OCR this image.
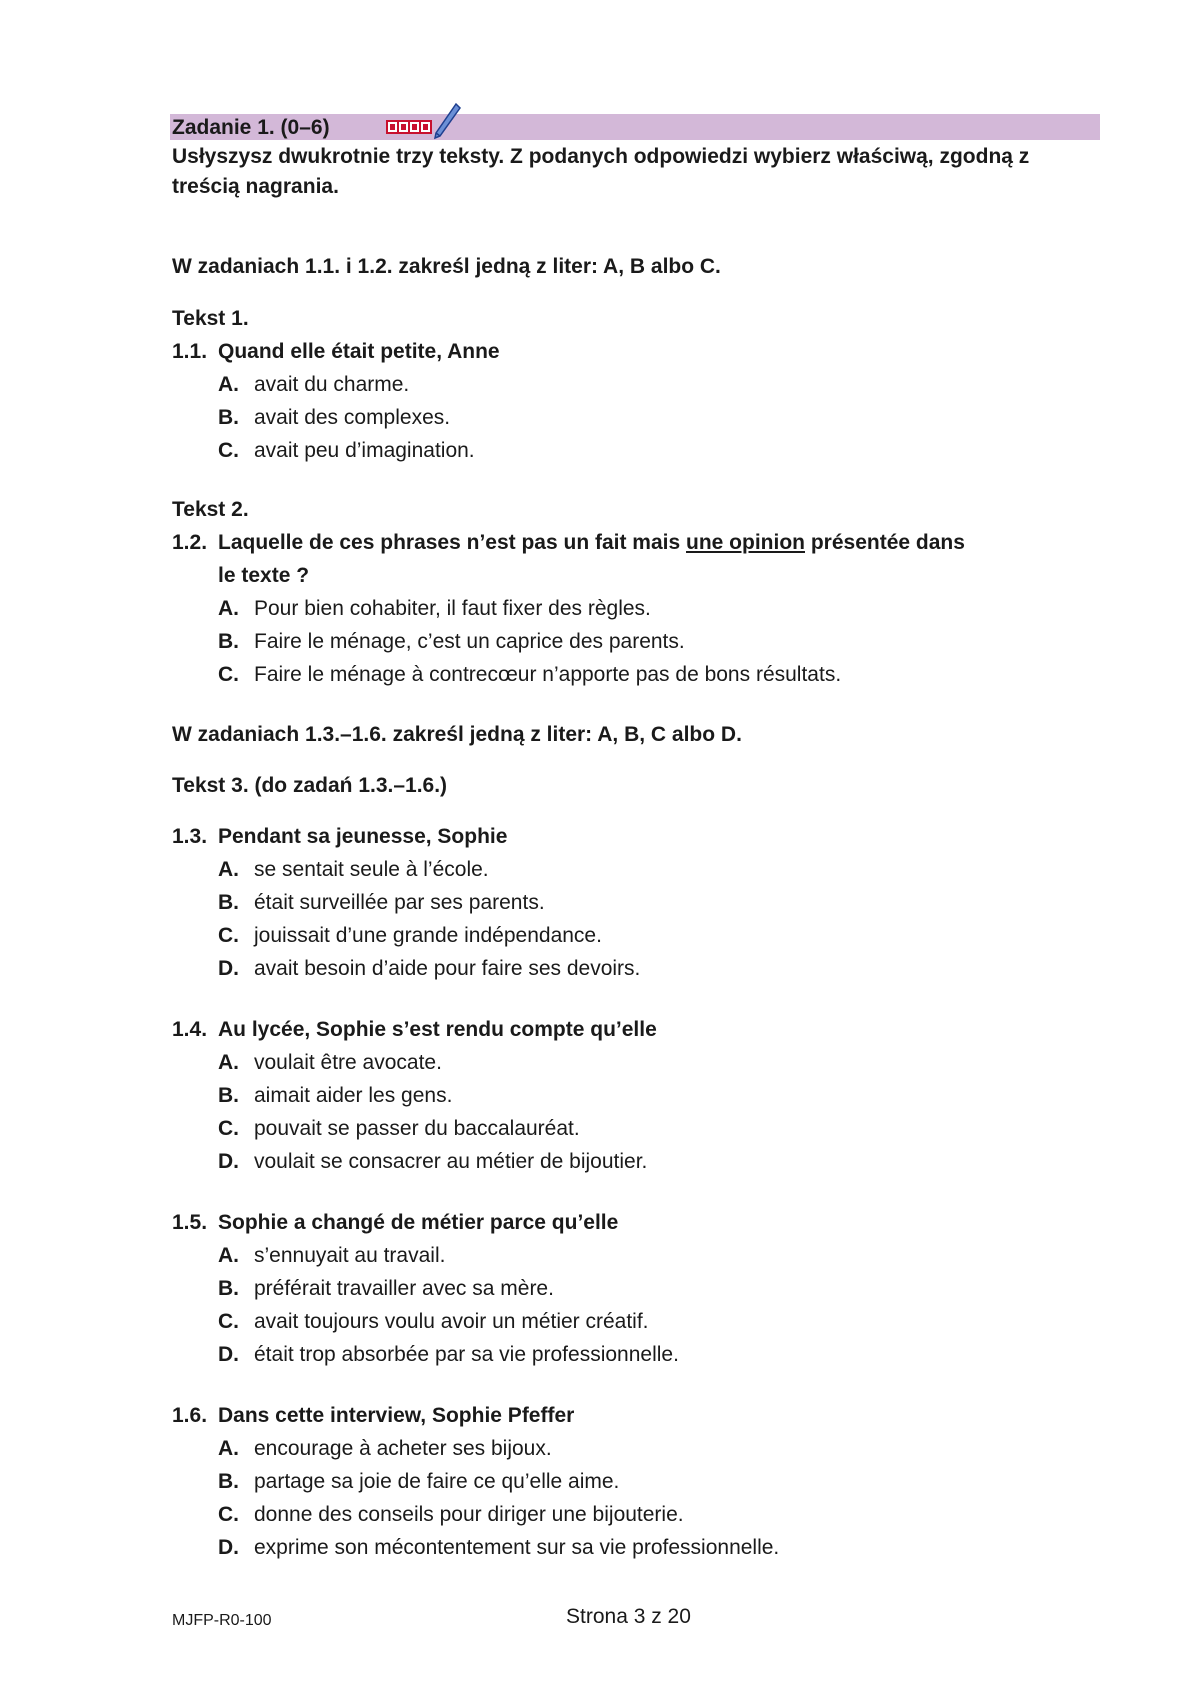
Zadanie 1. (0–6)
Usłyszysz dwukrotnie trzy teksty. Z podanych odpowiedzi wybierz właściwą, zgodną z treścią nagrania.
W zadaniach 1.1. i 1.2. zakreśl jedną z liter: A, B albo C.
Tekst 1.
1.1. Quand elle était petite, Anne
A. avait du charme.
B. avait des complexes.
C. avait peu d’imagination.
Tekst 2.
1.2. Laquelle de ces phrases n’est pas un fait mais une opinion présentée dans
le texte ?
A. Pour bien cohabiter, il faut fixer des règles.
B. Faire le ménage, c’est un caprice des parents.
C. Faire le ménage à contrecœur n’apporte pas de bons résultats.
W zadaniach 1.3.–1.6. zakreśl jedną z liter: A, B, C albo D.
Tekst 3. (do zadań 1.3.–1.6.)
1.3. Pendant sa jeunesse, Sophie
A. se sentait seule à l’école.
B. était surveillée par ses parents.
C. jouissait d’une grande indépendance.
D. avait besoin d’aide pour faire ses devoirs.
1.4. Au lycée, Sophie s’est rendu compte qu’elle
A. voulait être avocate.
B. aimait aider les gens.
C. pouvait se passer du baccalauréat.
D. voulait se consacrer au métier de bijoutier.
1.5. Sophie a changé de métier parce qu’elle
A. s’ennuyait au travail.
B. préférait travailler avec sa mère.
C. avait toujours voulu avoir un métier créatif.
D. était trop absorbée par sa vie professionnelle.
1.6. Dans cette interview, Sophie Pfeffer
A. encourage à acheter ses bijoux.
B. partage sa joie de faire ce qu’elle aime.
C. donne des conseils pour diriger une bijouterie.
D. exprime son mécontentement sur sa vie professionnelle.
MJFP-R0-100	Strona 3 z 20
